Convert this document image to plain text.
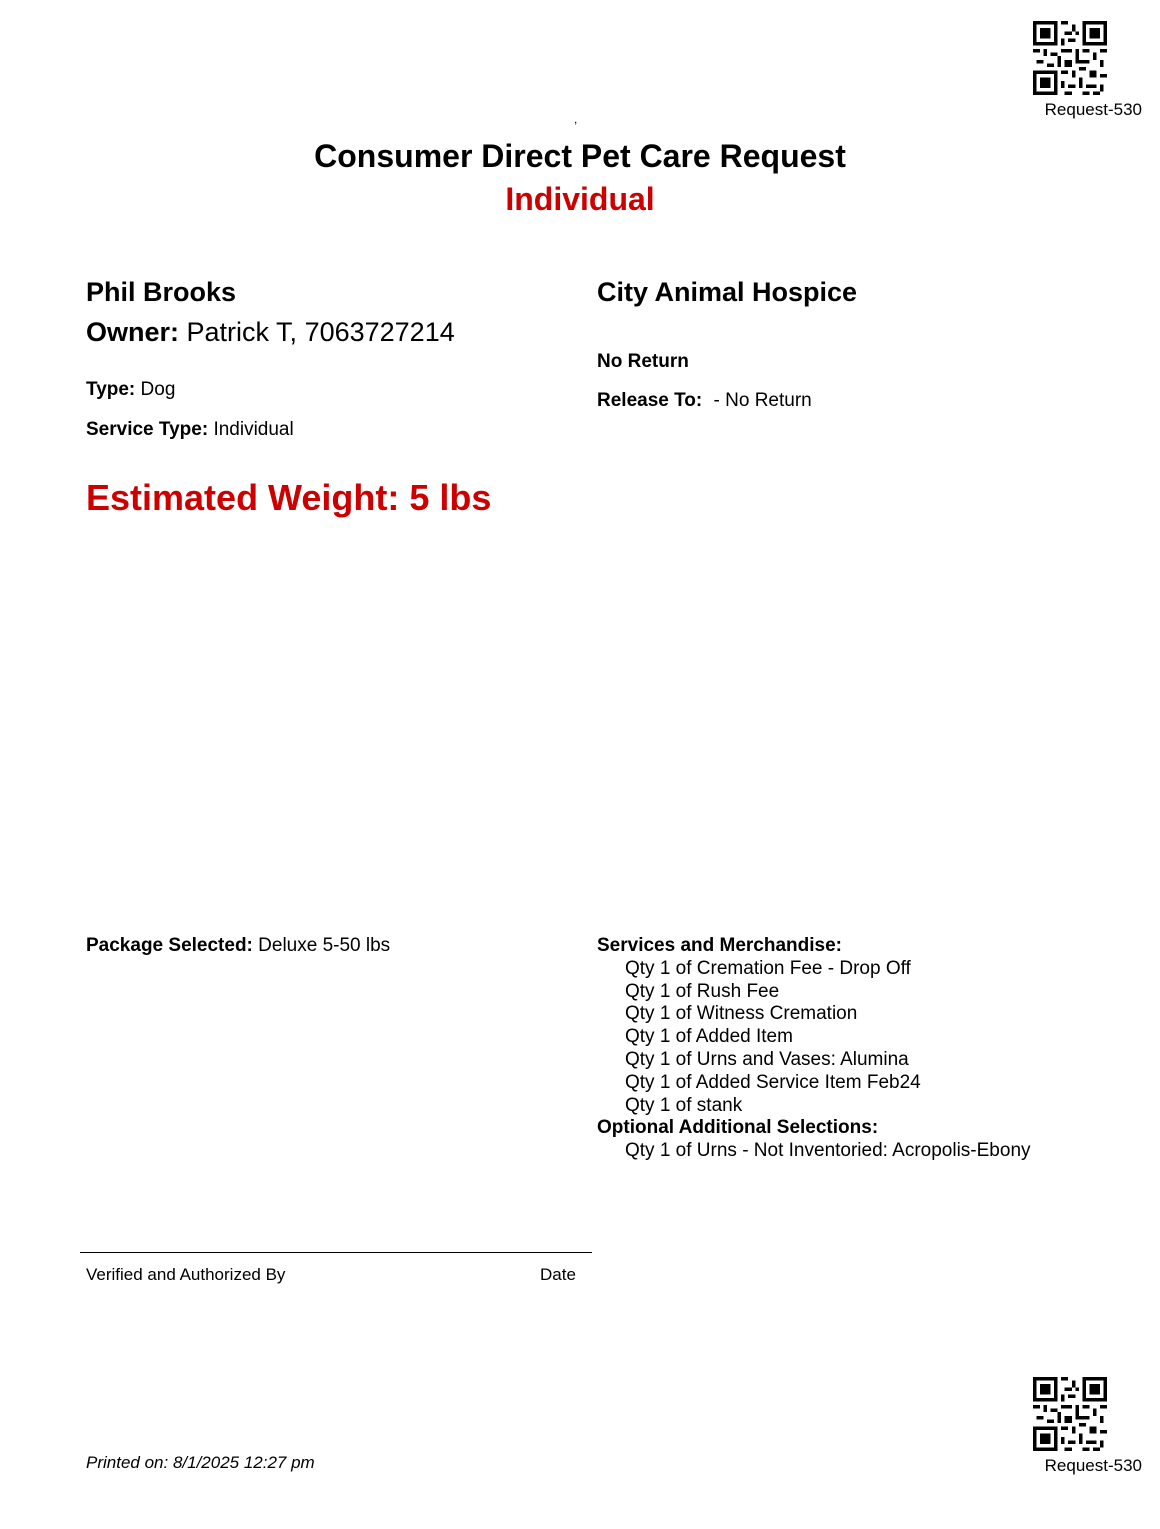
Request-530
,
Consumer Direct Pet Care Request
Individual
Phil Brooks
Owner: Patrick T, 7063727214
Type: Dog
Service Type: Individual
Estimated Weight: 5 lbs
City Animal Hospice
No Return
Release To: - No Return
Package Selected: Deluxe 5-50 lbs	Services and Merchandise:
Qty 1 of Cremation Fee - Drop Off
Qty 1 of Rush Fee
Qty 1 of Witness Cremation
Qty 1 of Added Item
Qty 1 of Urns and Vases: Alumina
Qty 1 of Added Service Item Feb24
Qty 1 of stank
Optional Additional Selections:
Qty 1 of Urns - Not Inventoried: Acropolis-Ebony
Verified and Authorized By	Date
Request-530
Printed on: 8/1/2025 12:27 pm
